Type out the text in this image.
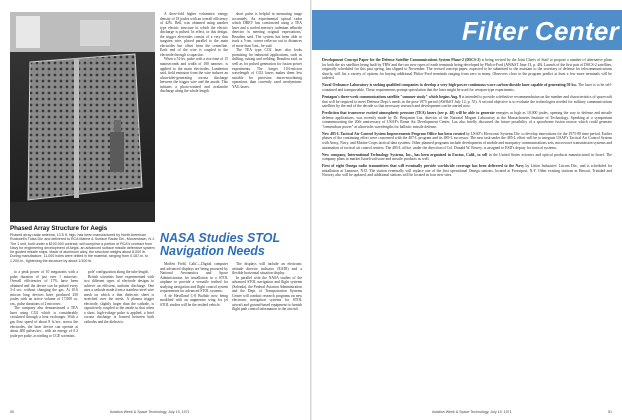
Phased Array Structure for Aegis
Phased array radar antenna, 13.5 ft. high, has been manufactured by North American Rockwell's Tulsa Div. and delivered to RCA Marine & Surface Radar Div., Moorestown, N.J. The 1 unit, built under a $100,000 contract, will comprise a portion of RCA's contract from Navy for engineering development of Aegis, an advanced surface missile defensive system for guided missile ships. Made of aluminum alloy, the structure weighs about 8,000 lb. During manufacture, 11,000 holes were drilled in the material, ranging from 0.187-in. to 1.200-in., tightening the structure by about 1/100 lb.

A three-fold higher volumetric energy density of 18 joules with an overall efficiency of 42%. Bell, was obtained using another type electric structure in which the electric discharge is pulsed. In effect, in this design, the trigger electrodes consist of a very thin tungsten wire, placed parallel to the main electrodes but offset from the centerline. Each end of the wire is coupled to the electrode through a capacitor.

When a 51-kv. pulse with a rise time of 15 nanoseconds and width of 100 nanosec. is applied to the main electrodes, Lamberton said, field emission from the wire induces an ultraviolet-generating corona discharge between the trigger wire and the anode. This initiates a photo-ionized and avalanche discharge along the whole length.

short pulse is helpful in measuring range accurately. An experimental optical radar which DREV has constructed using a TEA laser and a cooled mercury cadmium telluride detector 'is meeting original expectations,' Beaulieu said. The system has been able to track a 5-cm. corner reflector out to distances of more than 5 mi., he said.

The TEA type CO2 laser also looks promising for industrial applications, such as drilling, cutting and welding, Beaulieu said, as well as for pulsed generation for fusion power experiments. The longer 10.6-micron wavelength of CO2 lasers makes them less suitable for precision micro-machining operations than currently used neodymium-YAG lasers.

to a peak power of 10 megawatts with a pulse duration of just over 1 microsec. Overall efficiencies of 17% have been obtained and the device can be pulsed every 3-4 sec. without changing the gas. At 10.6 micron long devices have produced 250 joules with an active volume of 17,000 cu. cm., pulse durations of 2 microsec.

The company also demonstrated a TEA laser using CO2 which is considerably circulated through a heat exchanger. With a gas flow speed of about 8 ft./sec. across the electrodes, the laser device can operate at about 400 pulses/sec., with an energy of 0.2 joule per pulse, according to CGE scientists.

pole' configuration along the tube length.

British scientists have experimented with two different types of electrode designs to achieve an efficient, uniform discharge. One uses a cathode made from a stainless-steel wire mesh on which a thin dielectric sheet is stretched over the mesh. A plasma trigger electrode, slightly larger than the cathode, is capacitively coupled to the anode so that when a short, high-voltage pulse is applied, a brief corona discharge is formed between both cathodes and the dielectric.

NASA Studies STOL Navigation Needs

Moffett Field, Calif.—Digital computer and advanced displays are being procured by National Aeronautics and Space Administration for installation in a STOL airplane to provide a versatile testbed for studying navigation and flight control system requirements for advanced STOL systems.

A de Havilland C-8 Buffalo now being modified with an augmentor wing for jet STOL studies will be the testbed vehicle.

The displays will include an electronic attitude director indicator (EADI) and a flexible horizontal situation display.

In parallel with the NASA studies of the advanced STOL navigation and flight systems (Soleada), the Federal Aviation Administration and the Dept. of Transportation Systems Center will conduct research programs on new electronic navigation systems for STOL aircraft and ground-based equipment to furnish flight path control information to the aircraft.

50	Aviation Week & Space Technology, July 19, 1971
Filter Center

Development Concept Paper for the Defense Satellite Communications System Phase-2 (DSCS-2) is being revised by the Joint Chiefs of Staff to propose a number of alternative plans for both the six satellites being built by TRW and the two new types of earth terminals being developed by Philco-Ford (AW&ST June 13, p. 40). Launch of the first pair of DSCS-2 satellites, originally scheduled for this past spring, has slipped to November. The revised concept paper, expected to be submitted to the assistant to the secretary of defense for telecommunications shortly, will list a variety of options for buying additional Philco-Ford terminals ranging from zero to many. Observers close to the program predict at least a few more terminals will be ordered.

Naval Ordnance Laboratory is seeking qualified companies to develop a very-high-power continuous-wave carbon-dioxide laser capable of generating 50 kw. The laser is to be self-contained and transportable. These requirements prompt speculation that the laser might be used for weapon-type experiments.

Pentagon's three-week communications satellite "summer study" which begins Aug. 9 is intended to provide a definitive recommendation on the number and characteristics of spacecraft that will be required to meet Defense Dept.'s needs in the post-1975 period (AW&ST July 12, p. 55). A second objective is to evaluate the technologies needed for military communications satellites by the end of the decade so that necessary research and development can be started now.

Prediction that transverse excited atmospheric pressure (TEA) lasers (see p. 48) will be able to generate energies as high as 10,000 joules, opening the way to defense and missile defense applications, was recently made by Dr. Benjamin Lax, director of the National Magnet Laboratory at the Massachusetts Institute of Technology. Speaking at a symposium commemorating the 20th anniversary of USAF's Rome Air Development Center, Lax also briefly discussed the future possibility of a spacebome fusion reactor which could generate "tremendous power" at ultraviolet wavelengths for ballistic missile defense.

New 485-L Tactical Air Control System Improvements Program Office has been created by USAF's Electronic Systems Div. to develop innovations for the 1975-80 time period. Earlier phases of the continuing effort were concerned with the 407-L program and its 485-L successor. The new task under the 485-L effort will be to integrate USAF's Tactical Air Control System with Army, Navy, and Marine Corps tactical data systems. Other planned programs include development of mobile and marquetry communications sets, microwave transmission systems and automation of tactical air control centers. The 485-L office, under the direction of Col. Donald W. Bowey, is assigned to ESD's deputy for tactical systems.

New company, International Technology Systems, Inc., has been organized in Encino, Calif., to sell in the United States avionics and optical products manufactured in Israel. The company plans to market Israeli software and missile products as well.

First of eight Omega radio transmitters that will eventually provide worldwide coverage has been delivered to the Navy by Litton Industries' Litcom Div., and is scheduled for installation at Lamoure, N.D. The station eventually will replace one of the first operational Omega stations, located at Forestport, N.Y. Other existing stations in Hawaii, Trinidad and Norway also will be updated, and additional stations will be located in four new sites.

Aviation Week & Space Technology, July 19, 1971	51
